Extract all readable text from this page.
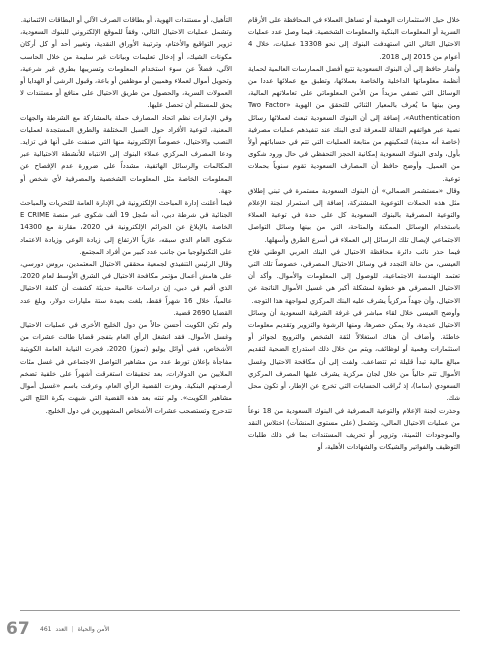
خلال حيل الاستثمارات الوهمية أو تساهل العملاء في المحافظة على الأرقام السرية أو المعلومات البنكية والمعلومات الشخصية. فيما وصل عدد عمليات الاحتيال التالي التي استهدفت البنوك إلى نحو 13308 عمليات، خلال 4 أعوام من 2015 إلى 2018.

وأشار حافظ إلى أن البنوك السعودية تتبع أفضل الممارسات العالمية لحماية أنظمة معلوماتها الداخلية والخاصة بعملائها، وتطبق مع عملائها عددا من الوسائل التي تضفي مزيداً من الأمن المعلوماتي على تعاملاتهم المالية، ومن بينها ما يُعرف بالمعيار الثنائي للتحقق من الهوية «Two Factor Authentication»، إضافة إلى أن البنوك السعودية تبعث لعملائها رسائل نصية عبر هواتفهم النقالة للمعرفة لدى البنك عند تنفيذهم عمليات مصرفية (خاصة أنه مدينة) لتمكينهم من متابعة العمليات التي تتم في حساباتهم أولاً بأول، ولدى البنوك السعودية إمكانية الحجز التحفظي في حال ورود شكوى من العميل. وأوضح حافظ أن المصارف السعودية تقوم سنوياً بحملات توعية.

وقال «مستشمر الصمالي» أن البنوك السعودية مستمرة في تبني إطلاق مثل هذه الحملات التوعوية المشتركة، إضافة إلى استمرار لجنة الإعلام والتوعية المصرفية بالبنوك السعودية كل على حدة في توعية العملاء باستخدام الوسائل الممكنة والمتاحة، التي من بينها وسائل التواصل الاجتماعي لإيصال تلك الرسائل إلى العملاء في أسرع الطرق وأسهلها.

فيما حذر نائب دائرة محافظة الاحتيال في البنك العربي الوطني فلاح العيسى، من حالة التجدد في وسائل الاحتيال المصرفي، خصوصاً تلك التي تعتمد الهندسة الاجتماعية، للوصول إلى المعلومات والأموال. وأكد أن الاحتيال المصرفي هو خطوة لمشكلة أكبر هي غسيل الأموال الناتجة عن الاحتيال، وأن جهداً مركزياً يشرف عليه البنك المركزي لمواجهة هذا التوجه.

وأوضح العيسى خلال لقاء مباشر في غرفة الشرقية السعودية أن وسائل الاحتيال عديدة، ولا يمكن حصرها، ومنها الرشوة والتزوير وتقديم معلومات خاطئة. وأضاف أن هناك استغلالاً لثقة الشخص والترويج لجوائز أو استثمارات وهمية أو لوظائف، ويتم من خلال ذلك استدراج الضحية لتقديم مبالغ مالية تبدأ قليلة ثم تتضاعف. ولفت إلى أن مكافحة الاحتيال وغسل الأموال تتم حالياً من خلال لجان مركزية يشرف عليها المصرف المركزي السعودي (ساما)، إذ تُراقب الحسابات التي تخرج عن الإطار، أو تكون محل شك.

وحذرت لجنة الإعلام والتوعية المصرفية في البنوك السعودية من 18 نوعاً من عمليات الاحتيال المالي، وتشمل (على مستوى المنشآت) اختلاس النقد والموجودات الثمينة، وتزوير أو تحريف المستندات بما في ذلك طلبات التوظيف والفواتير والشيكات والشهادات الأهلية، أو

التأهيل، أو مستندات الهوية، أو بطاقات الصرف الآلي أو البطاقات الائتمانية.

وتشمل عمليات الاحتيال التالي، وفقاً للموقع الإلكتروني للبنوك السعودية، تزوير التواقيع والأختام، وترتيبة الأوراق النقدية، وتغيير أحد أو كل أركان مكونات الشيك، أو إدخال تعليمات وبيانات غير سليمة من خلال الحاسب الآلي، فضلاً عن سوء استخدام المعلومات وتسريبها بطرق غير شرعية، وتحويل أموال لعملاء وهميين أو موظفين أو باعة، وقبول الرشى أو الهدايا أو العمولات السرية، والحصول من طريق الاحتيال على منافع أو مستندات لا يحق للمستلم أن تحصل عليها.

وفي الإمارات نظم اتحاد المصارف حملة بالمشاركة مع الشرطة والجهات المعنية، لتوعية الأفراد حول السبل المختلفة والطرق المستجدة لعمليات النصب والاحتيال، خصوصاً الإلكترونية منها التي صنفت على أنها في تزايد. ودعا المصرف المركزي عملاء البنوك إلى الانتباه للأنشطة الاحتيالية عبر المكالمات والرسائل الهاتفية، مشدداً على ضرورة عدم الإفصاح عن المعلومات الخاصة مثل المعلومات الشخصية والمصرفية لأي شخص أو جهة.

فيما أعلنت إدارة المباحث الإلكترونية في الإدارة العامة للتحريات والمباحث الجنائية في شرطة دبي، أنه سُجل 19 ألف شكوى عبر منصة E CRIME الخاصة بالإبلاغ عن الجرائم الإلكترونية في 2020، مقارنة مع 14300 شكوى العام الذي سبقه، عازياً الارتفاع إلى زيادة الوعي وزيادة الاعتماد على التكنولوجيا من جانب عدد كبير من أفراد المجتمع.

وقال الرئيس التنفيذي لجمعية محققي الاحتيال المعتمدين، بروس دورسي، على هامش أعمال مؤتمر مكافحة الاحتيال في الشرق الأوسط لعام 2020، الذي أقيم في دبي، إن دراسات عالمية حديثة كشفت أن كلفة الاحتيال عالمياً، خلال 16 شهراً فقط، بلغت بعيدة ستة مليارات دولار، وبلغ عدد القضايا 2690 قضية.

ولم تكن الكويت أحسن حالاً من دول الخليج الأخرى في عمليات الاحتيال وغسل الأموال. فقد انشغل الرأي العام بتفجر قضايا طالت عشرات من الأشخاص، ففي أوائل يوليو (تموز) 2020، فجرت النيابة العامة الكويتية مفاجأة بإعلان تورط عدد من مشاهير التواصل الاجتماعي في غسل مئات الملايين من الدولارات، بعد تحقيقات استغرقت أشهراً على خلفية تضخم أرصدتهم البنكية. وهزت القضية الرأي العام، وعرفت باسم «غسيل أموال مشاهير الكويت». ولم تنته بعد هذه القضية التي شبهت بكرة الثلج التي تتدحرج وتستصحب عشرات الأشخاص المشهورين في دول الخليج.

67	الأمن والحياة
|
العدد
461
